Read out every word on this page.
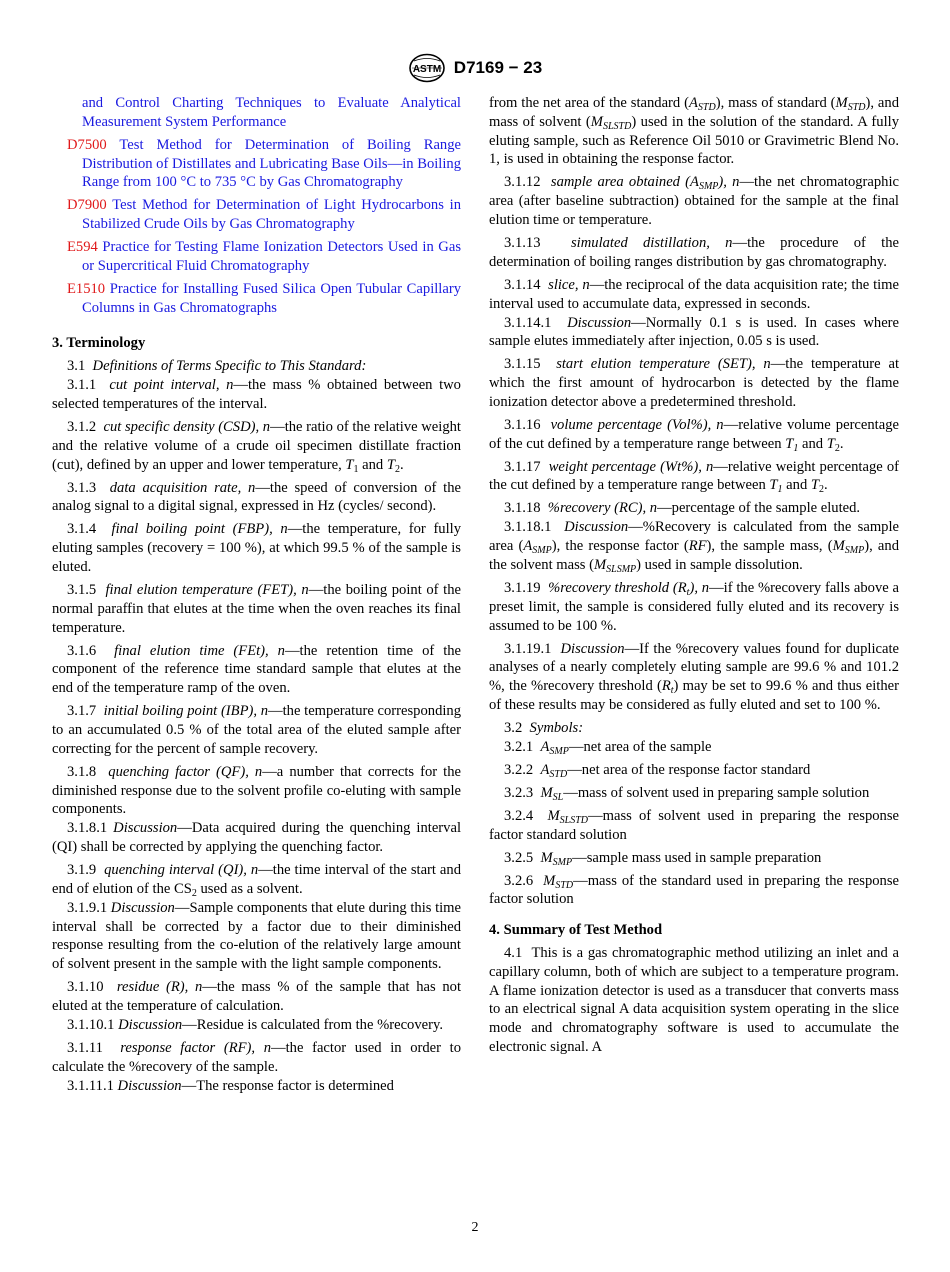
ASTM D7169 − 23

and Control Charting Techniques to Evaluate Analytical Measurement System Performance

D7500 Test Method for Determination of Boiling Range Distribution of Distillates and Lubricating Base Oils—in Boiling Range from 100 °C to 735 °C by Gas Chromatography

D7900 Test Method for Determination of Light Hydrocarbons in Stabilized Crude Oils by Gas Chromatography

E594 Practice for Testing Flame Ionization Detectors Used in Gas or Supercritical Fluid Chromatography

E1510 Practice for Installing Fused Silica Open Tubular Capillary Columns in Gas Chromatographs

3. Terminology

3.1 Definitions of Terms Specific to This Standard:

3.1.1 cut point interval, n—the mass % obtained between two selected temperatures of the interval.

3.1.2 cut specific density (CSD), n—the ratio of the relative weight and the relative volume of a crude oil specimen distillate fraction (cut), defined by an upper and lower temperature, $T_1$ and $T_2$.

3.1.3 data acquisition rate, n—the speed of conversion of the analog signal to a digital signal, expressed in Hz (cycles/ second).

3.1.4 final boiling point (FBP), n—the temperature, for fully eluting samples (recovery = 100 %), at which 99.5 % of the sample is eluted.

3.1.5 final elution temperature (FET), n—the boiling point of the normal paraffin that elutes at the time when the oven reaches its final temperature.

3.1.6 final elution time (FEt), n—the retention time of the component of the reference time standard sample that elutes at the end of the temperature ramp of the oven.

3.1.7 initial boiling point (IBP), n—the temperature corresponding to an accumulated 0.5 % of the total area of the eluted sample after correcting for the percent of sample recovery.

3.1.8 quenching factor (QF), n—a number that corrects for the diminished response due to the solvent profile co-eluting with sample components.

3.1.8.1 Discussion—Data acquired during the quenching interval (QI) shall be corrected by applying the quenching factor.

3.1.9 quenching interval (QI), n—the time interval of the start and end of elution of the $CS_2$ used as a solvent.

3.1.9.1 Discussion—Sample components that elute during this time interval shall be corrected by a factor due to their diminished response resulting from the co-elution of the relatively large amount of solvent present in the sample with the light sample components.

3.1.10 residue (R), n—the mass % of the sample that has not eluted at the temperature of calculation.

3.1.10.1 Discussion—Residue is calculated from the %recovery.

3.1.11 response factor (RF), n—the factor used in order to calculate the %recovery of the sample.

3.1.11.1 Discussion—The response factor is determined

from the net area of the standard $(A_{STD})$, mass of standard $(M_{STD})$, and mass of solvent $(M_{SLSTD})$ used in the solution of the standard. A fully eluting sample, such as Reference Oil 5010 or Gravimetric Blend No. 1, is used in obtaining the response factor.

3.1.12 sample area obtained $(A_{SMP})$, n—the net chromatographic area (after baseline subtraction) obtained for the sample at the final elution time or temperature.

3.1.13 simulated distillation, n—the procedure of the determination of boiling ranges distribution by gas chromatography.

3.1.14 slice, n—the reciprocal of the data acquisition rate; the time interval used to accumulate data, expressed in seconds.

3.1.14.1 Discussion—Normally 0.1 s is used. In cases where sample elutes immediately after injection, 0.05 s is used.

3.1.15 start elution temperature (SET), n—the temperature at which the first amount of hydrocarbon is detected by the flame ionization detector above a predetermined threshold.

3.1.16 volume percentage (Vol%), n—relative volume percentage of the cut defined by a temperature range between $T_1$ and $T_2$.

3.1.17 weight percentage (Wt%), n—relative weight percentage of the cut defined by a temperature range between $T_1$ and $T_2$.

3.1.18 %recovery (RC), n—percentage of the sample eluted.

3.1.18.1 Discussion—%Recovery is calculated from the sample area $(A_{SMP})$, the response factor (RF), the sample mass, $(M_{SMP})$, and the solvent mass $(M_{SLSMP})$ used in sample dissolution.

3.1.19 %recovery threshold $(R_t)$, n—if the %recovery falls above a preset limit, the sample is considered fully eluted and its recovery is assumed to be 100 %.

3.1.19.1 Discussion—If the %recovery values found for duplicate analyses of a nearly completely eluting sample are 99.6 % and 101.2 %, the %recovery threshold $(R_t)$ may be set to 99.6 % and thus either of these results may be considered as fully eluted and set to 100 %.

3.2 Symbols:

3.2.1 $A_{SMP}—net$ area of the sample

3.2.2 $A_{STD}—net$ area of the response factor standard

3.2.3 $M_{SL}—mass$ of solvent used in preparing sample solution

3.2.4 $M_{SLSTD}—mass$ of solvent used in preparing the response factor standard solution

3.2.5 $M_{SMP}—sample$ mass used in sample preparation

3.2.6 $M_{STD}—mass$ of the standard used in preparing the response factor solution

4. Summary of Test Method

4.1 This is a gas chromatographic method utilizing an inlet and a capillary column, both of which are subject to a temperature program. A flame ionization detector is used as a transducer that converts mass to an electrical signal A data acquisition system operating in the slice mode and chromatography software is used to accumulate the electronic signal. A

2
